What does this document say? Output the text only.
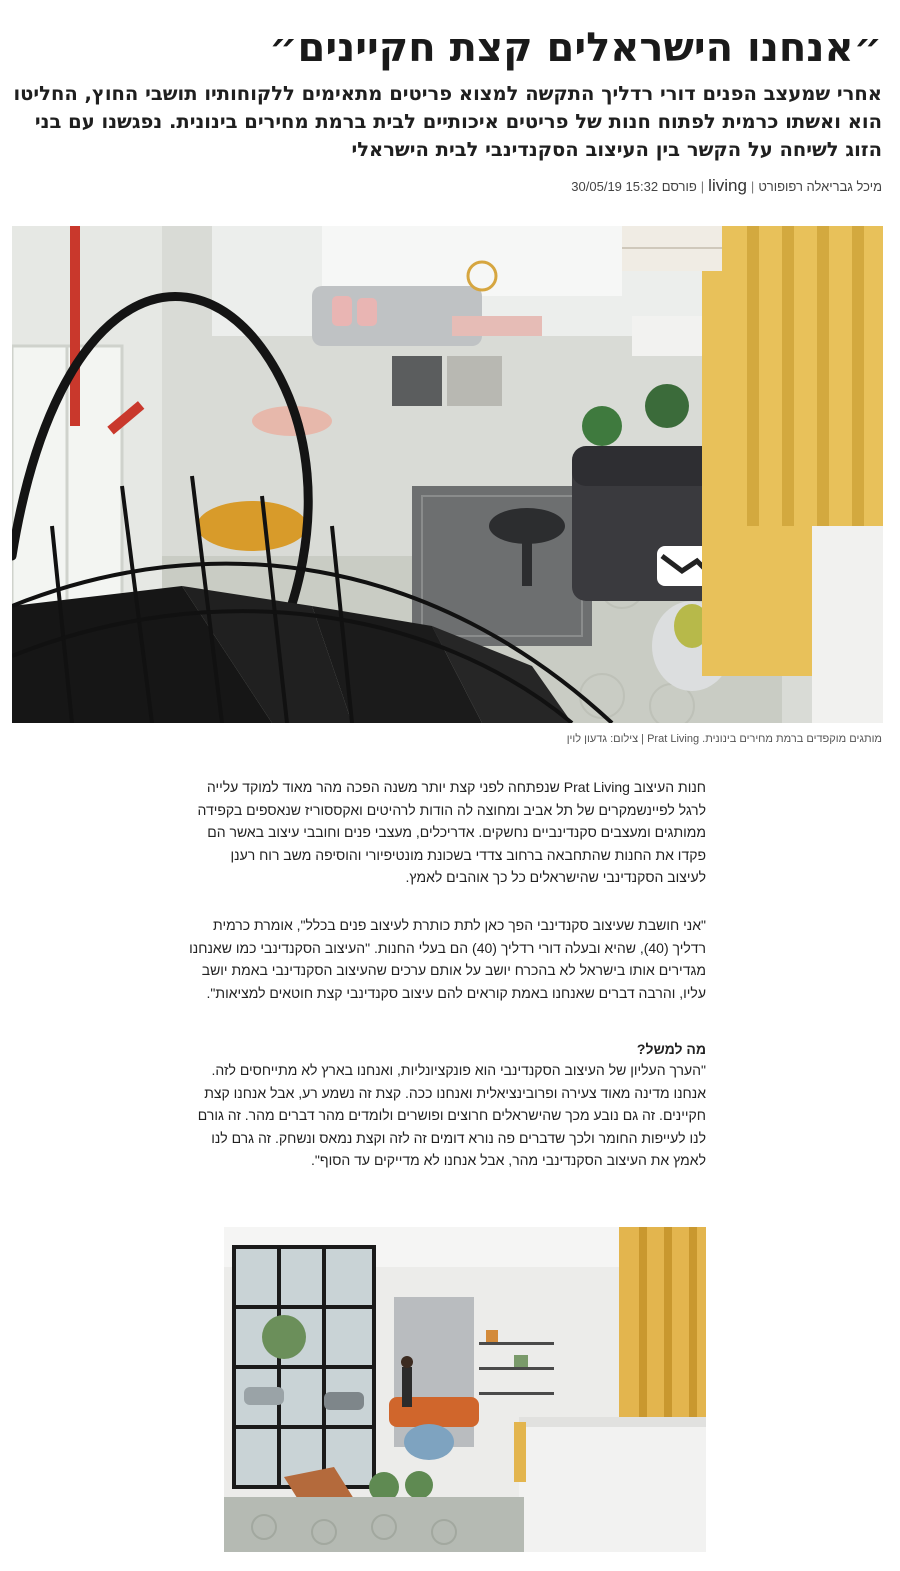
״אנחנו הישראלים קצת חקיינים״
אחרי שמעצב הפנים דורי רדליך התקשה למצוא פריטים מתאימים ללקוחותיו תושבי החוץ, החליטו הוא ואשתו כרמית לפתוח חנות של פריטים איכותיים לבית ברמת מחירים בינונית. נפגשנו עם בני הזוג לשיחה על הקשר בין העיצוב הסקנדינבי לבית הישראלי
מיכל גבריאלה רפופורט
|
living
|
פורסם 15:32 30/05/19
מותגים מוקפדים ברמת מחירים בינונית. Prat Living | צילום: גדעון לוין

חנות העיצוב Prat Living שנפתחה לפני קצת יותר משנה הפכה מהר מאוד למוקד עלייה לרגל לפיינשמקרים של תל אביב ומחוצה לה הודות לרהיטים ואקססוריז שנאספים בקפידה ממותגים ומעצבים סקנדינביים נחשקים. אדריכלים, מעצבי פנים וחובבי עיצוב באשר הם פקדו את החנות שהתחבאה ברחוב צדדי בשכונת מונטיפיורי והוסיפה משב רוח רענן לעיצוב הסקנדינבי שהישראלים כל כך אוהבים לאמץ.

"אני חושבת שעיצוב סקנדינבי הפך כאן לתת כותרת לעיצוב פנים בכלל", אומרת כרמית רדליך (40), שהיא ובעלה דורי רדליך (40) הם בעלי החנות. "העיצוב הסקנדינבי כמו שאנחנו מגדירים אותו בישראל לא בהכרח יושב על אותם ערכים שהעיצוב הסקנדינבי באמת יושב עליו, והרבה דברים שאנחנו באמת קוראים להם עיצוב סקנדינבי קצת חוטאים למציאות".

מה למשל?

"הערך העליון של העיצוב הסקנדינבי הוא פונקציונליות, ואנחנו בארץ לא מתייחסים לזה. אנחנו מדינה מאוד צעירה ופרובינציאלית ואנחנו ככה. קצת זה נשמע רע, אבל אנחנו קצת חקיינים. זה גם נובע מכך שהישראלים חרוצים ופושרים ולומדים מהר דברים מהר. זה גורם לנו לעייפות החומר ולכך שדברים פה נורא דומים זה לזה וקצת נמאס ונשחק. זה גרם לנו לאמץ את העיצוב הסקנדינבי מהר, אבל אנחנו לא מדייקים עד הסוף".
